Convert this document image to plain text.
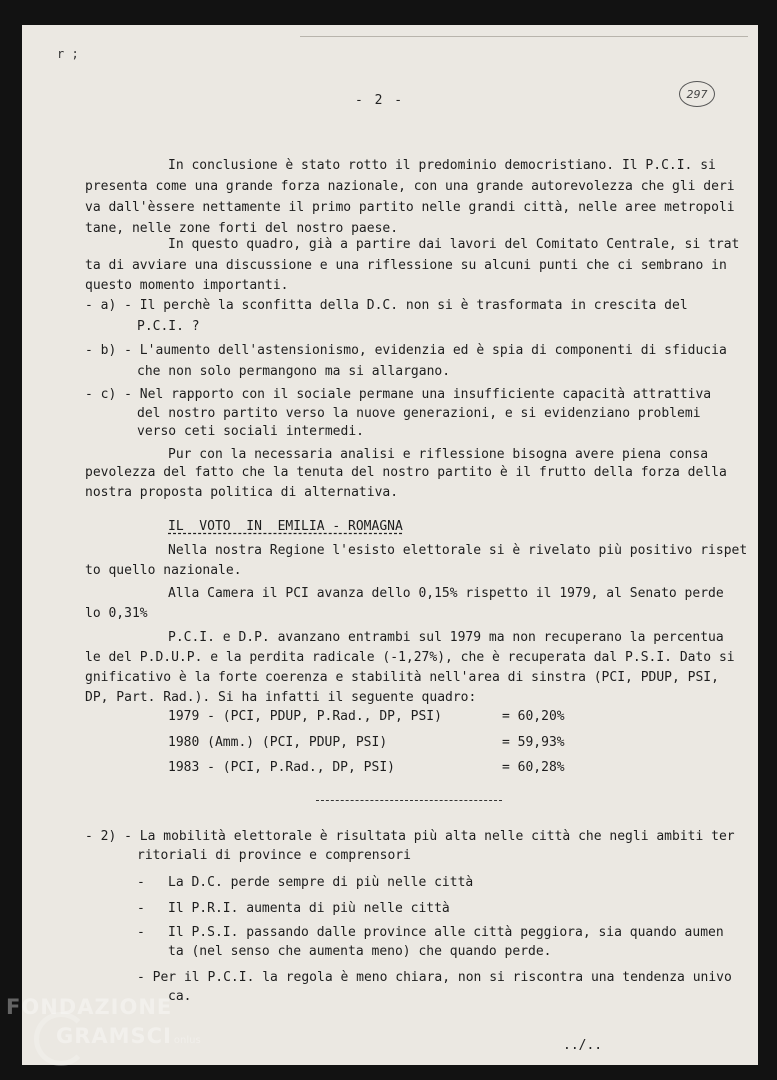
r ;
- 2 -	297
In conclusione è stato rotto il predominio democristiano. Il P.C.I. si
presenta come una grande forza nazionale, con una grande autorevolezza che gli deri
va dall'èssere nettamente il primo partito nelle grandi città, nelle aree metropoli
tane, nelle zone forti del nostro paese.
In questo quadro, già a partire dai lavori del Comitato Centrale, si trat
ta di avviare una discussione e una riflessione su alcuni punti che ci sembrano in
questo momento importanti.
- a) - Il perchè la sconfitta della D.C. non si è trasformata in crescita del
P.C.I. ?
- b) - L'aumento dell'astensionismo, evidenzia ed è spia di componenti di sfiducia
che non solo permangono ma si allargano.
- c) - Nel rapporto con il sociale permane una insufficiente capacità attrattiva
del nostro partito verso la nuove generazioni, e si evidenziano problemi
verso ceti sociali intermedi.
Pur con la necessaria analisi e riflessione bisogna avere piena consa
pevolezza del fatto che la tenuta del nostro partito è il frutto della forza della
nostra proposta politica di alternativa.
IL  VOTO  IN  EMILIA - ROMAGNA
Nella nostra Regione l'esisto elettorale si è rivelato più positivo rispet
to quello nazionale.
Alla Camera il PCI avanza dello 0,15% rispetto il 1979, al Senato perde
lo 0,31%
P.C.I. e D.P. avanzano entrambi sul 1979 ma non recuperano la percentua
le del P.D.U.P. e la perdita radicale (-1,27%), che è recuperata dal P.S.I. Dato si
gnificativo è la forte coerenza e stabilità nell'area di sinstra (PCI, PDUP, PSI,
DP, Part. Rad.). Si ha infatti il seguente quadro:
1979 - (PCI, PDUP, P.Rad., DP, PSI)	= 60,20%
1980 (Amm.) (PCI, PDUP, PSI)	= 59,93%
1983 - (PCI, P.Rad., DP, PSI)	= 60,28%
- 2) - La mobilità elettorale è risultata più alta nelle città che negli ambiti ter
ritoriali di province e comprensori
- La D.C. perde sempre di più nelle città
- Il P.R.I. aumenta di più nelle città
- Il P.S.I. passando dalle province alle città peggiora, sia quando aumen
ta (nel senso che aumenta meno) che quando perde.
- Per il P.C.I. la regola è meno chiara, non si riscontra una tendenza univo
ca.
../..
FONDAZIONE
GRAMSCI onlus
